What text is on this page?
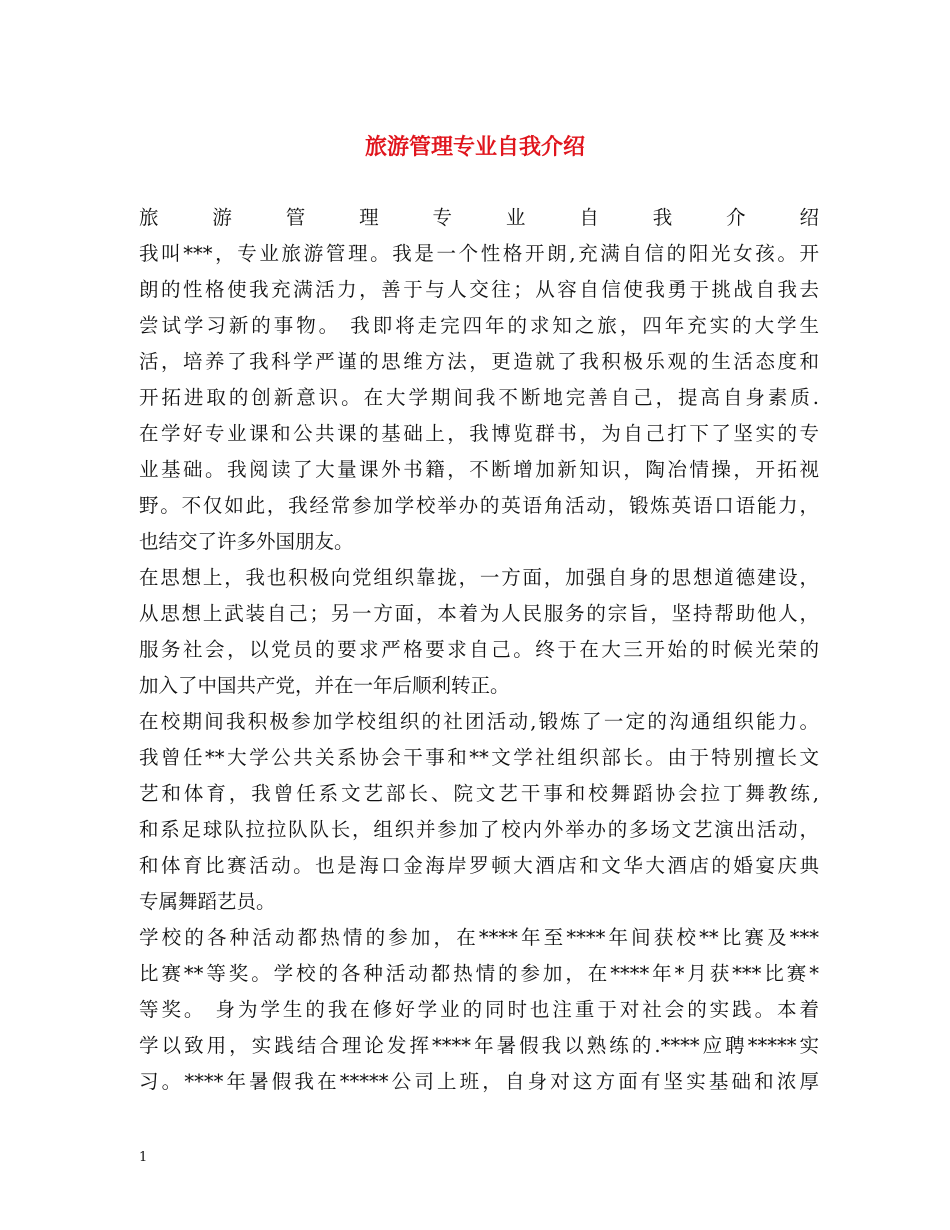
旅游管理专业自我介绍
旅游管理专业自我介绍
我叫***，专业旅游管理。我是一个性格开朗,充满自信的阳光女孩。开
朗的性格使我充满活力，善于与人交往；从容自信使我勇于挑战自我去
尝试学习新的事物。 我即将走完四年的求知之旅，四年充实的大学生
活，培养了我科学严谨的思维方法，更造就了我积极乐观的生活态度和
开拓进取的创新意识。在大学期间我不断地完善自己，提高自身素质.
在学好专业课和公共课的基础上，我博览群书，为自己打下了坚实的专
业基础。我阅读了大量课外书籍，不断增加新知识，陶冶情操，开拓视
野。不仅如此，我经常参加学校举办的英语角活动，锻炼英语口语能力，
也结交了许多外国朋友。
在思想上，我也积极向党组织靠拢，一方面，加强自身的思想道德建设，
从思想上武装自己；另一方面，本着为人民服务的宗旨，坚持帮助他人，
服务社会，以党员的要求严格要求自己。终于在大三开始的时候光荣的
加入了中国共产党，并在一年后顺利转正。
在校期间我积极参加学校组织的社团活动,锻炼了一定的沟通组织能力。
我曾任**大学公共关系协会干事和**文学社组织部长。由于特别擅长文
艺和体育，我曾任系文艺部长、院文艺干事和校舞蹈协会拉丁舞教练,
和系足球队拉拉队队长，组织并参加了校内外举办的多场文艺演出活动，
和体育比赛活动。也是海口金海岸罗顿大酒店和文华大酒店的婚宴庆典
专属舞蹈艺员。
学校的各种活动都热情的参加，在****年至****年间获校**比赛及***
比赛**等奖。学校的各种活动都热情的参加，在****年*月获***比赛*
等奖。 身为学生的我在修好学业的同时也注重于对社会的实践。本着
学以致用，实践结合理论发挥****年暑假我以熟练的.****应聘*****实
习。****年暑假我在*****公司上班，自身对这方面有坚实基础和浓厚
1
